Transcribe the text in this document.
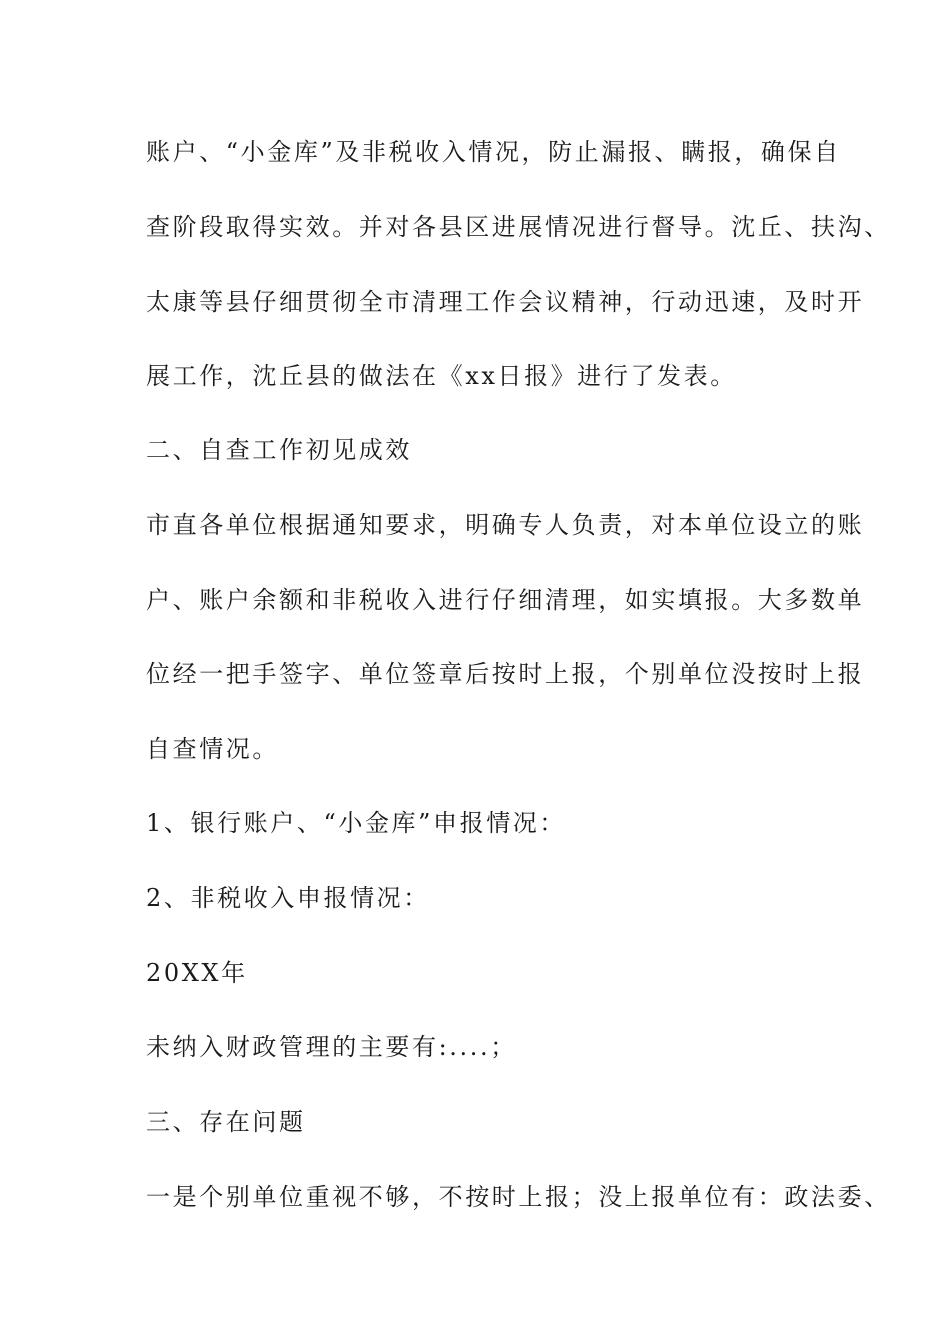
账户、“小金库”及非税收入情况，防止漏报、瞒报，确保自
查阶段取得实效。并对各县区进展情况进行督导。沈丘、扶沟、
太康等县仔细贯彻全市清理工作会议精神，行动迅速，及时开
展工作，沈丘县的做法在《xx日报》进行了发表。
二、自查工作初见成效
市直各单位根据通知要求，明确专人负责，对本单位设立的账
户、账户余额和非税收入进行仔细清理，如实填报。大多数单
位经一把手签字、单位签章后按时上报，个别单位没按时上报
自查情况。
1、银行账户、“小金库”申报情况：
2、非税收入申报情况：
20XX年
未纳入财政管理的主要有:....；
三、存在问题
一是个别单位重视不够，不按时上报；没上报单位有：政法委、
